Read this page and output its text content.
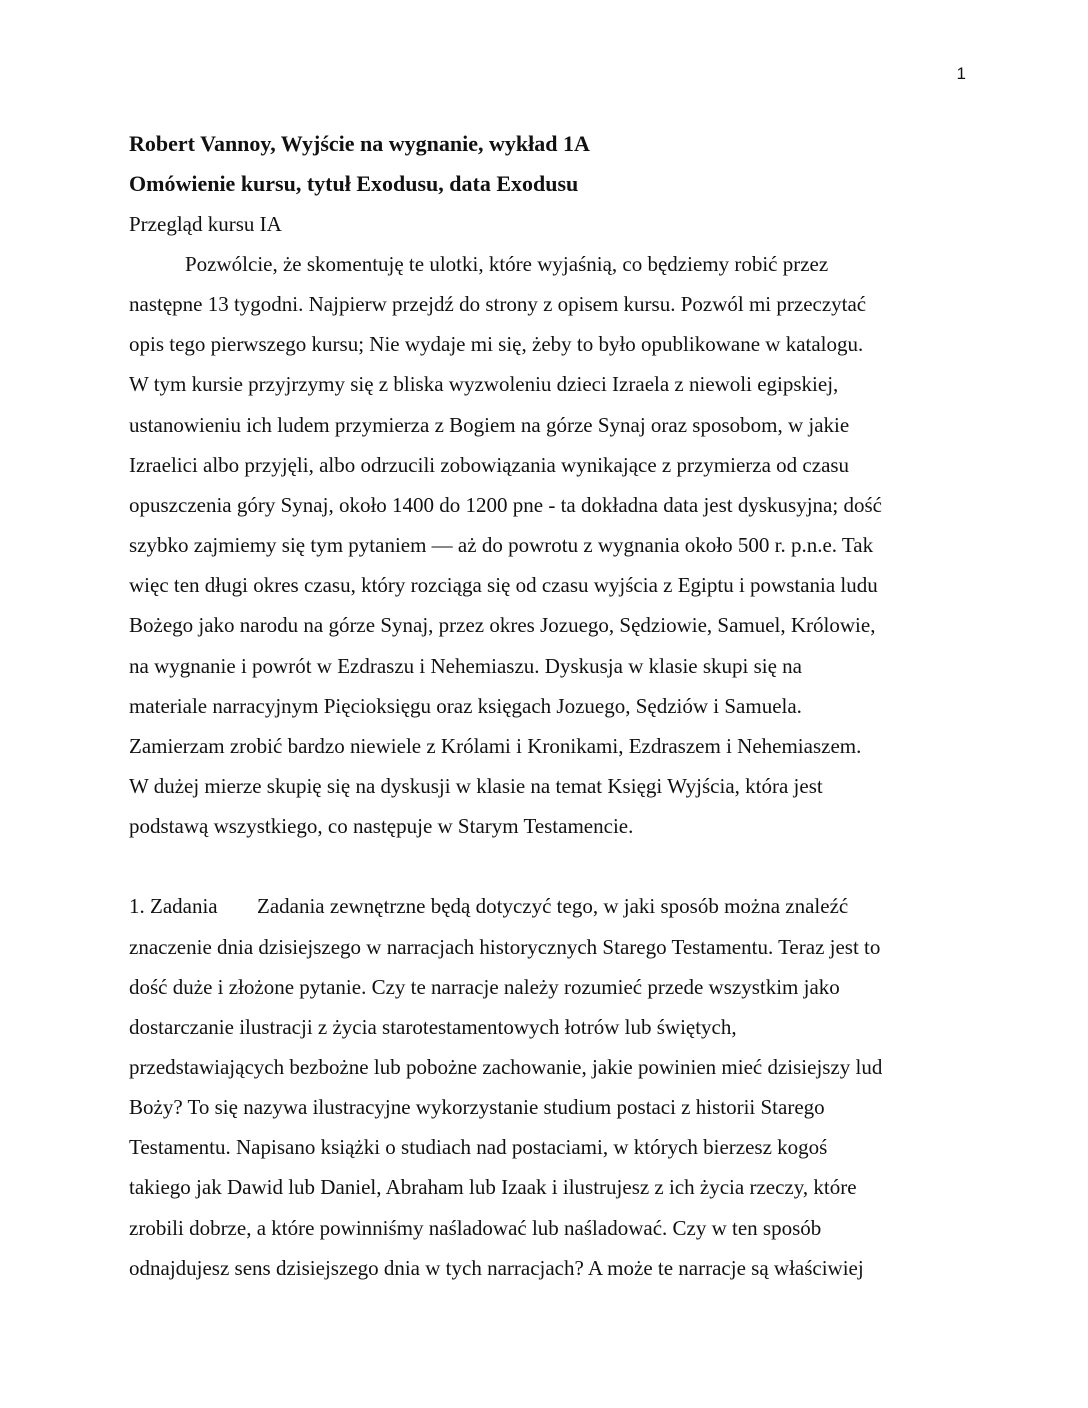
1
Robert Vannoy, Wyjście na wygnanie, wykład 1A
Omówienie kursu, tytuł Exodusu, data Exodusu
Przegląd kursu IA
Pozwólcie, że skomentuję te ulotki, które wyjaśnią, co będziemy robić przez
następne 13 tygodni. Najpierw przejdź do strony z opisem kursu. Pozwól mi przeczytać
opis tego pierwszego kursu; Nie wydaje mi się, żeby to było opublikowane w katalogu.
W tym kursie przyjrzymy się z bliska wyzwoleniu dzieci Izraela z niewoli egipskiej,
ustanowieniu ich ludem przymierza z Bogiem na górze Synaj oraz sposobom, w jakie
Izraelici albo przyjęli, albo odrzucili zobowiązania wynikające z przymierza od czasu
opuszczenia góry Synaj, około 1400 do 1200 pne - ta dokładna data jest dyskusyjna; dość
szybko zajmiemy się tym pytaniem — aż do powrotu z wygnania około 500 r. p.n.e. Tak
więc ten długi okres czasu, który rozciąga się od czasu wyjścia z Egiptu i powstania ludu
Bożego jako narodu na górze Synaj, przez okres Jozuego, Sędziowie, Samuel, Królowie,
na wygnanie i powrót w Ezdraszu i Nehemiaszu. Dyskusja w klasie skupi się na
materiale narracyjnym Pięcioksięgu oraz księgach Jozuego, Sędziów i Samuela.
Zamierzam zrobić bardzo niewiele z Królami i Kronikami, Ezdraszem i Nehemiaszem.
W dużej mierze skupię się na dyskusji w klasie na temat Księgi Wyjścia, która jest
podstawą wszystkiego, co następuje w Starym Testamencie.
1. Zadania Zadania zewnętrzne będą dotyczyć tego, w jaki sposób można znaleźć
znaczenie dnia dzisiejszego w narracjach historycznych Starego Testamentu. Teraz jest to
dość duże i złożone pytanie. Czy te narracje należy rozumieć przede wszystkim jako
dostarczanie ilustracji z życia starotestamentowych łotrów lub świętych,
przedstawiających bezbożne lub pobożne zachowanie, jakie powinien mieć dzisiejszy lud
Boży? To się nazywa ilustracyjne wykorzystanie studium postaci z historii Starego
Testamentu. Napisano książki o studiach nad postaciami, w których bierzesz kogoś
takiego jak Dawid lub Daniel, Abraham lub Izaak i ilustrujesz z ich życia rzeczy, które
zrobili dobrze, a które powinniśmy naśladować lub naśladować. Czy w ten sposób
odnajdujesz sens dzisiejszego dnia w tych narracjach? A może te narracje są właściwiej
